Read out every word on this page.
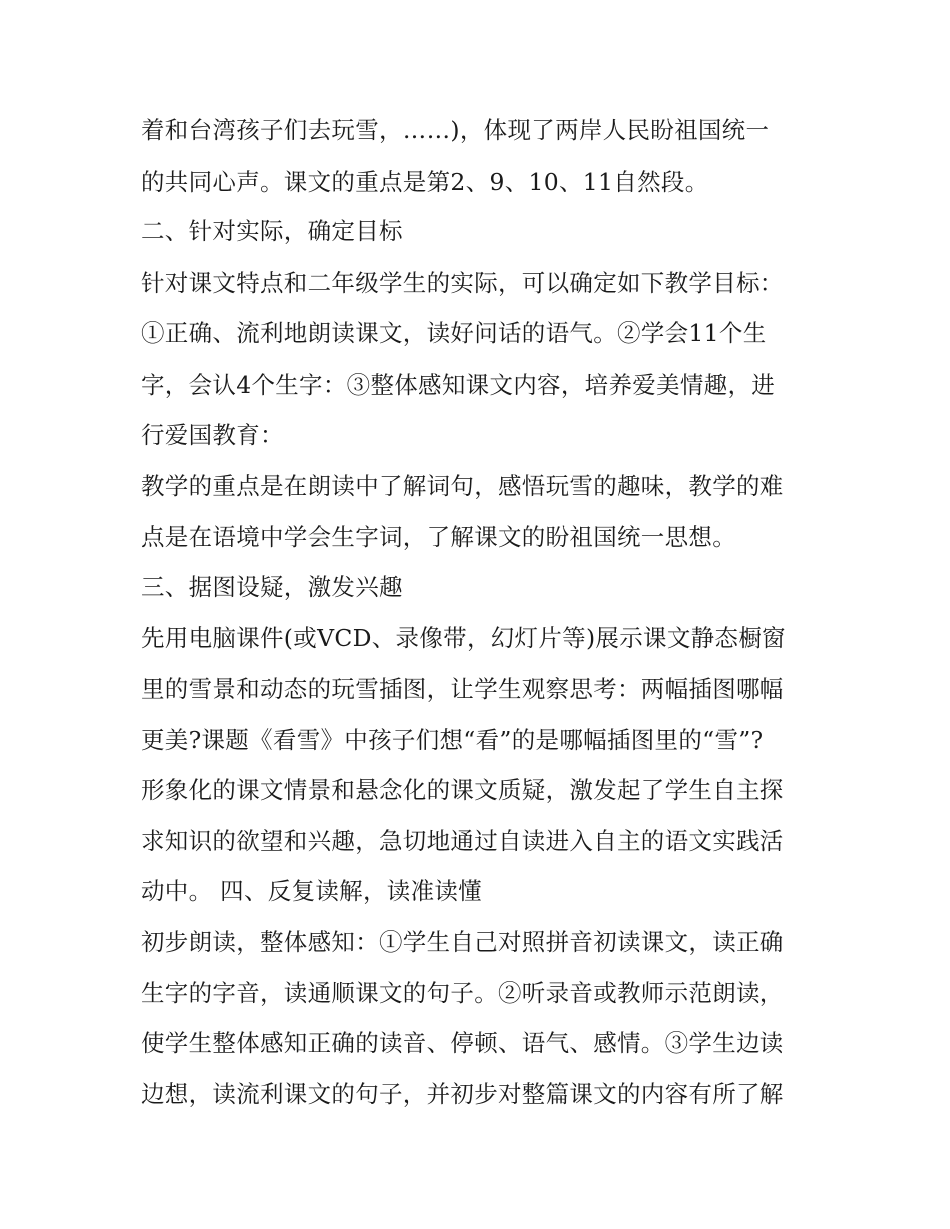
着和台湾孩子们去玩雪，……)，体现了两岸人民盼祖国统一

的共同心声。课文的重点是第2、9、10、11自然段。

二、针对实际，确定目标

针对课文特点和二年级学生的实际，可以确定如下教学目标：

①正确、流利地朗读课文，读好问话的语气。②学会11个生

字，会认4个生字：③整体感知课文内容，培养爱美情趣，进

行爱国教育：

教学的重点是在朗读中了解词句，感悟玩雪的趣味，教学的难

点是在语境中学会生字词，了解课文的盼祖国统一思想。

三、据图设疑，激发兴趣

先用电脑课件(或VCD、录像带，幻灯片等)展示课文静态橱窗

里的雪景和动态的玩雪插图，让学生观察思考：两幅插图哪幅

更美?课题《看雪》中孩子们想“看”的是哪幅插图里的“雪”?

形象化的课文情景和悬念化的课文质疑，激发起了学生自主探

求知识的欲望和兴趣，急切地通过自读进入自主的语文实践活

动中。 四、反复读解，读准读懂

初步朗读，整体感知：①学生自己对照拼音初读课文，读正确

生字的字音，读通顺课文的句子。②听录音或教师示范朗读，

使学生整体感知正确的读音、停顿、语气、感情。③学生边读

边想，读流利课文的句子，并初步对整篇课文的内容有所了解
